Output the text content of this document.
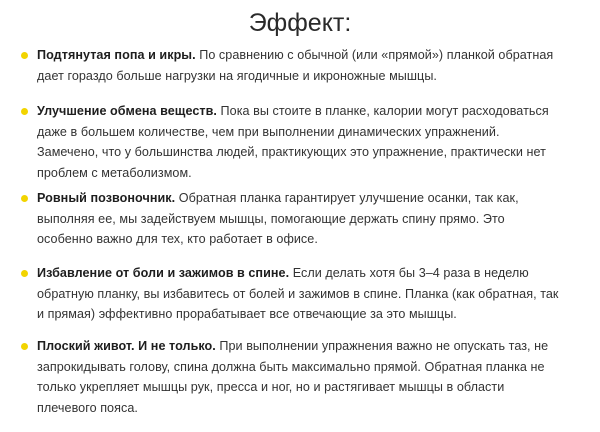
Эффект:
Подтянутая попа и икры. По сравнению с обычной (или «прямой») планкой обратная дает гораздо больше нагрузки на ягодичные и икроножные мышцы.
Улучшение обмена веществ. Пока вы стоите в планке, калории могут расходоваться даже в большем количестве, чем при выполнении динамических упражнений. Замечено, что у большинства людей, практикующих это упражнение, практически нет проблем с метаболизмом.
Ровный позвоночник. Обратная планка гарантирует улучшение осанки, так как, выполняя ее, мы задействуем мышцы, помогающие держать спину прямо. Это особенно важно для тех, кто работает в офисе.
Избавление от боли и зажимов в спине. Если делать хотя бы 3–4 раза в неделю обратную планку, вы избавитесь от болей и зажимов в спине. Планка (как обратная, так и прямая) эффективно прорабатывает все отвечающие за это мышцы.
Плоский живот. И не только. При выполнении упражнения важно не опускать таз, не запрокидывать голову, спина должна быть максимально прямой. Обратная планка не только укрепляет мышцы рук, пресса и ног, но и растягивает мышцы в области плечевого пояса.
